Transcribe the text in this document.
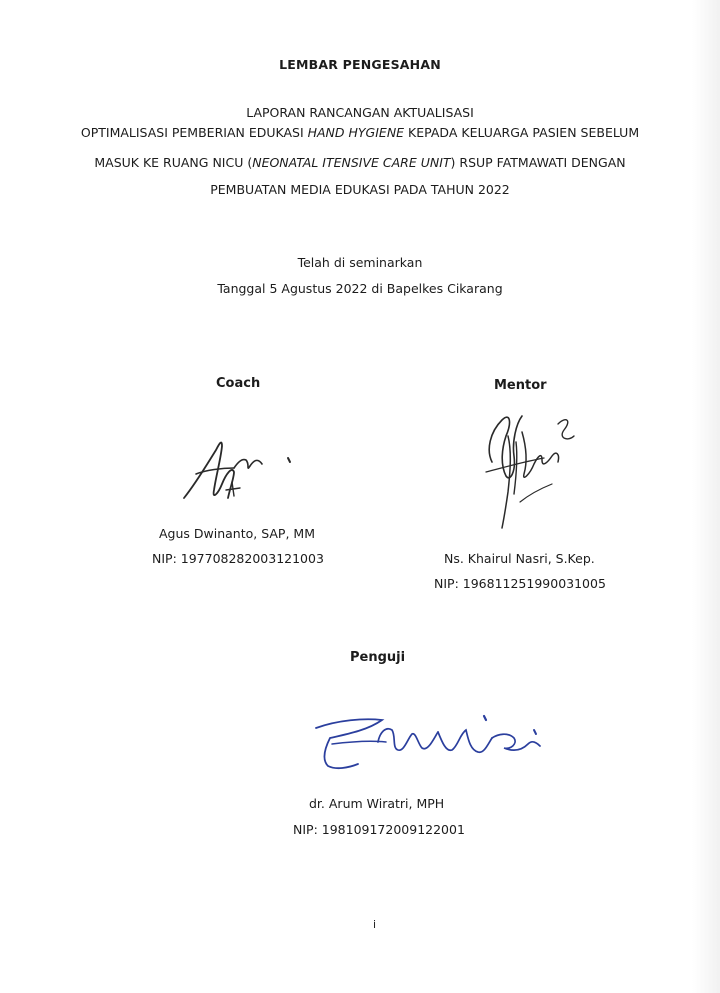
LEMBAR PENGESAHAN
LAPORAN RANCANGAN AKTUALISASI
OPTIMALISASI PEMBERIAN EDUKASI HAND HYGIENE KEPADA KELUARGA PASIEN SEBELUM
MASUK KE RUANG NICU (NEONATAL ITENSIVE CARE UNIT) RSUP FATMAWATI DENGAN
PEMBUATAN MEDIA EDUKASI PADA TAHUN 2022
Telah di seminarkan
Tanggal 5 Agustus 2022 di Bapelkes Cikarang
Coach
Agus Dwinanto, SAP, MM
NIP: 197708282003121003
Mentor
Ns. Khairul Nasri, S.Kep.
NIP: 196811251990031005
Penguji
dr. Arum Wiratri, MPH
NIP: 198109172009122001
i
